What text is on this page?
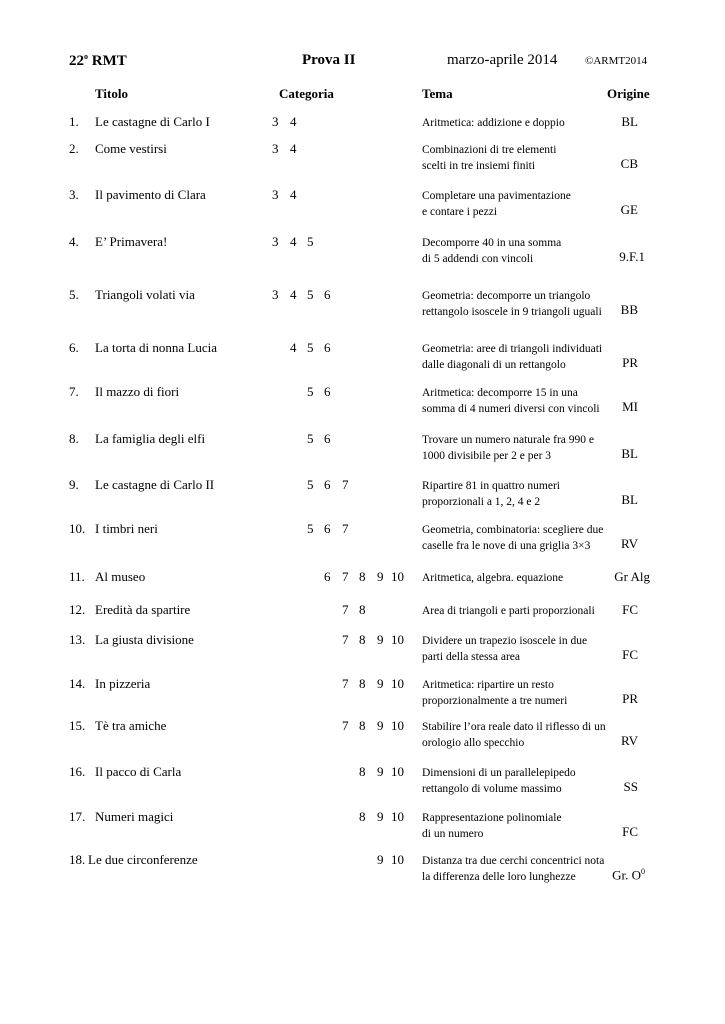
22$^o$ RMT	Prova II	marzo-aprile 2014	©ARMT2014
Titolo	Categoria	Tema	Origine
1. Le castagne di Carlo I	3 4	Aritmetica: addizione e doppio	BL
2. Come vestirsi	3 4	Combinazioni di tre elementi
scelti in tre insiemi finiti	CB
3. Il pavimento di Clara	3 4	Completare una pavimentazione
e contare i pezzi	GE
4. E’ Primavera!	3 4 5	Decomporre 40 in una somma
di 5 addendi con vincoli	9.F.1
5. Triangoli volati via	3 4 5 6	Geometria: decomporre un triangolo
rettangolo isoscele in 9 triangoli uguali BB
6. La torta di nonna Lucia	4 5 6	Geometria: aree di triangoli individuati
dalle diagonali di un rettangolo	PR
7. Il mazzo di fiori	5 6	Aritmetica: decomporre 15 in una
somma di 4 numeri diversi con vincoli MI
8. La famiglia degli elfi	5 6	Trovare un numero naturale fra 990 e
1000 divisibile per 2 e per 3	BL
9. Le castagne di Carlo II	5 6 7	Ripartire 81 in quattro numeri
proporzionali a 1, 2, 4 e 2	BL
10. I timbri neri	5 6 7	Geometria, combinatoria: scegliere due
caselle fra le nove di una griglia 3×3 RV
11. Al museo	6 7 8 9 10 Aritmetica, algebra. equazione	Gr Alg
12. Eredità da spartire	7 8	Area di triangoli e parti proporzionali FC
13. La giusta divisione	7 8 9 10 Dividere un trapezio isoscele in due
parti della stessa area	FC
14. In pizzeria	7 8 9 10 Aritmetica: ripartire un resto
proporzionalmente a tre numeri	PR
15. Tè tra amiche	7 8 9 10 Stabilire l’ora reale dato il riflesso di un
orologio allo specchio	RV
16. Il pacco di Carla	8 9 10 Dimensioni di un parallelepipedo
rettangolo di volume massimo	SS
17. Numeri magici	8 9 10 Rappresentazione polinomiale
di un numero	FC
18. Le due circonferenze	9 10 Distanza tra due cerchi concentrici nota
la differenza delle loro lunghezze	Gr. $O^0$
